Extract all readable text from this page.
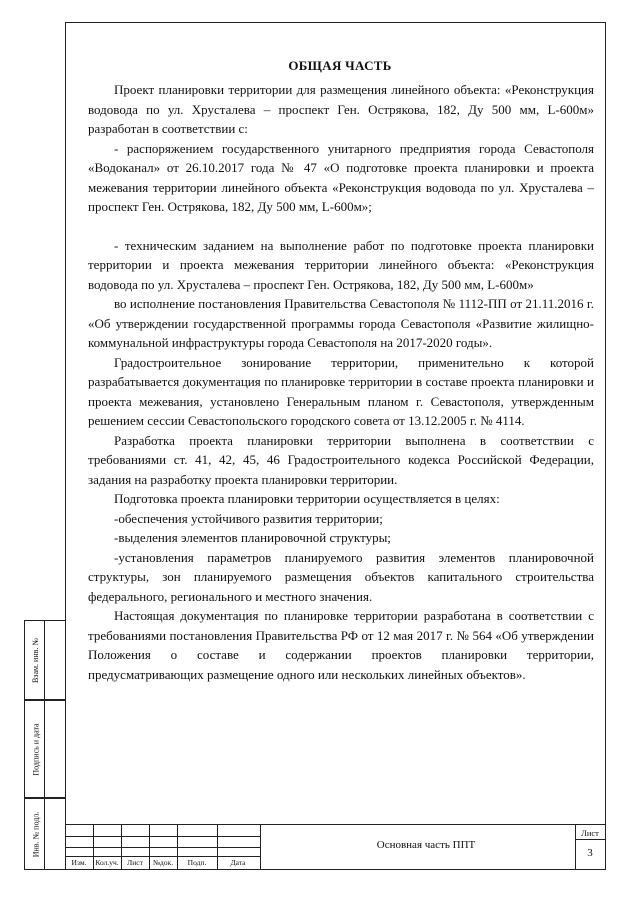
Взам. инв. №
Подпись и дата
Инв. № подл.
ОБЩАЯ ЧАСТЬ

Проект планировки территории для размещения линейного объекта: «Реконструкция водовода по ул. Хрусталева – проспект Ген. Острякова, 182, Ду 500 мм, L-600м» разработан в соответствии с:

- распоряжением государственного унитарного предприятия города Севастополя «Водоканал» от 26.10.2017 года № 47 «О подготовке проекта планировки и проекта межевания территории линейного объекта «Реконструкция водовода по ул. Хрусталева – проспект Ген. Острякова, 182, Ду 500 мм, L-600м»;

- техническим заданием на выполнение работ по подготовке проекта планировки территории и проекта межевания территории линейного объекта: «Реконструкция водовода по ул. Хрусталева – проспект Ген. Острякова, 182, Ду 500 мм, L-600м»

во исполнение постановления Правительства Севастополя № 1112-ПП от 21.11.2016 г. «Об утверждении государственной программы города Севастополя «Развитие жилищно-коммунальной инфраструктуры города Севастополя на 2017-2020 годы».

Градостроительное зонирование территории, применительно к которой разрабатывается документация по планировке территории в составе проекта планировки и проекта межевания, установлено Генеральным планом г. Севастополя, утвержденным решением сессии Севастопольского городского совета от 13.12.2005 г. № 4114.

Разработка проекта планировки территории выполнена в соответствии с требованиями ст. 41, 42, 45, 46 Градостроительного кодекса Российской Федерации, задания на разработку проекта планировки территории.

Подготовка проекта планировки территории осуществляется в целях:

-обеспечения устойчивого развития территории;

-выделения элементов планировочной структуры;

-установления параметров планируемого развития элементов планировочной структуры, зон планируемого размещения объектов капитального строительства федерального, регионального и местного значения.

Настоящая документация по планировке территории разработана в соответствии с требованиями постановления Правительства РФ от 12 мая 2017 г. № 564 «Об утверждении Положения о составе и содержании проектов планировки территории, предусматривающих размещение одного или нескольких линейных объектов».

Изм.	Кол.уч.	Лист	№док.	Подп.	Дата
Основная часть ППТ
Лист
3
